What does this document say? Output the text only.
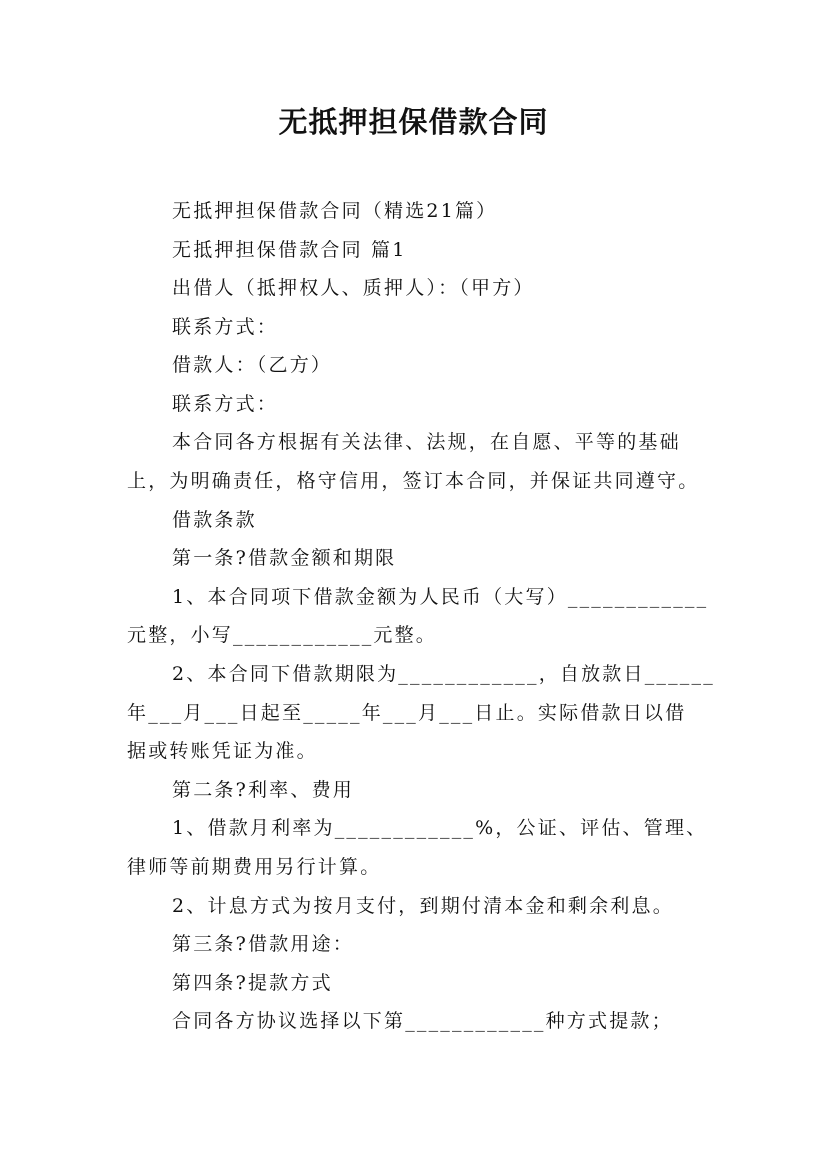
无抵押担保借款合同
无抵押担保借款合同（精选21篇）
无抵押担保借款合同 篇1
出借人（抵押权人、质押人）：（甲方）
联系方式：
借款人：（乙方）
联系方式：
本合同各方根据有关法律、法规，在自愿、平等的基础
上，为明确责任，格守信用，签订本合同，并保证共同遵守。
借款条款
第一条?借款金额和期限
1、本合同项下借款金额为人民币（大写）____________
元整，小写____________元整。
2、本合同下借款期限为____________，自放款日______
年___月___日起至_____年___月___日止。实际借款日以借
据或转账凭证为准。
第二条?利率、费用
1、借款月利率为____________%，公证、评估、管理、
律师等前期费用另行计算。
2、计息方式为按月支付，到期付清本金和剩余利息。
第三条?借款用途：
第四条?提款方式
合同各方协议选择以下第____________种方式提款；
